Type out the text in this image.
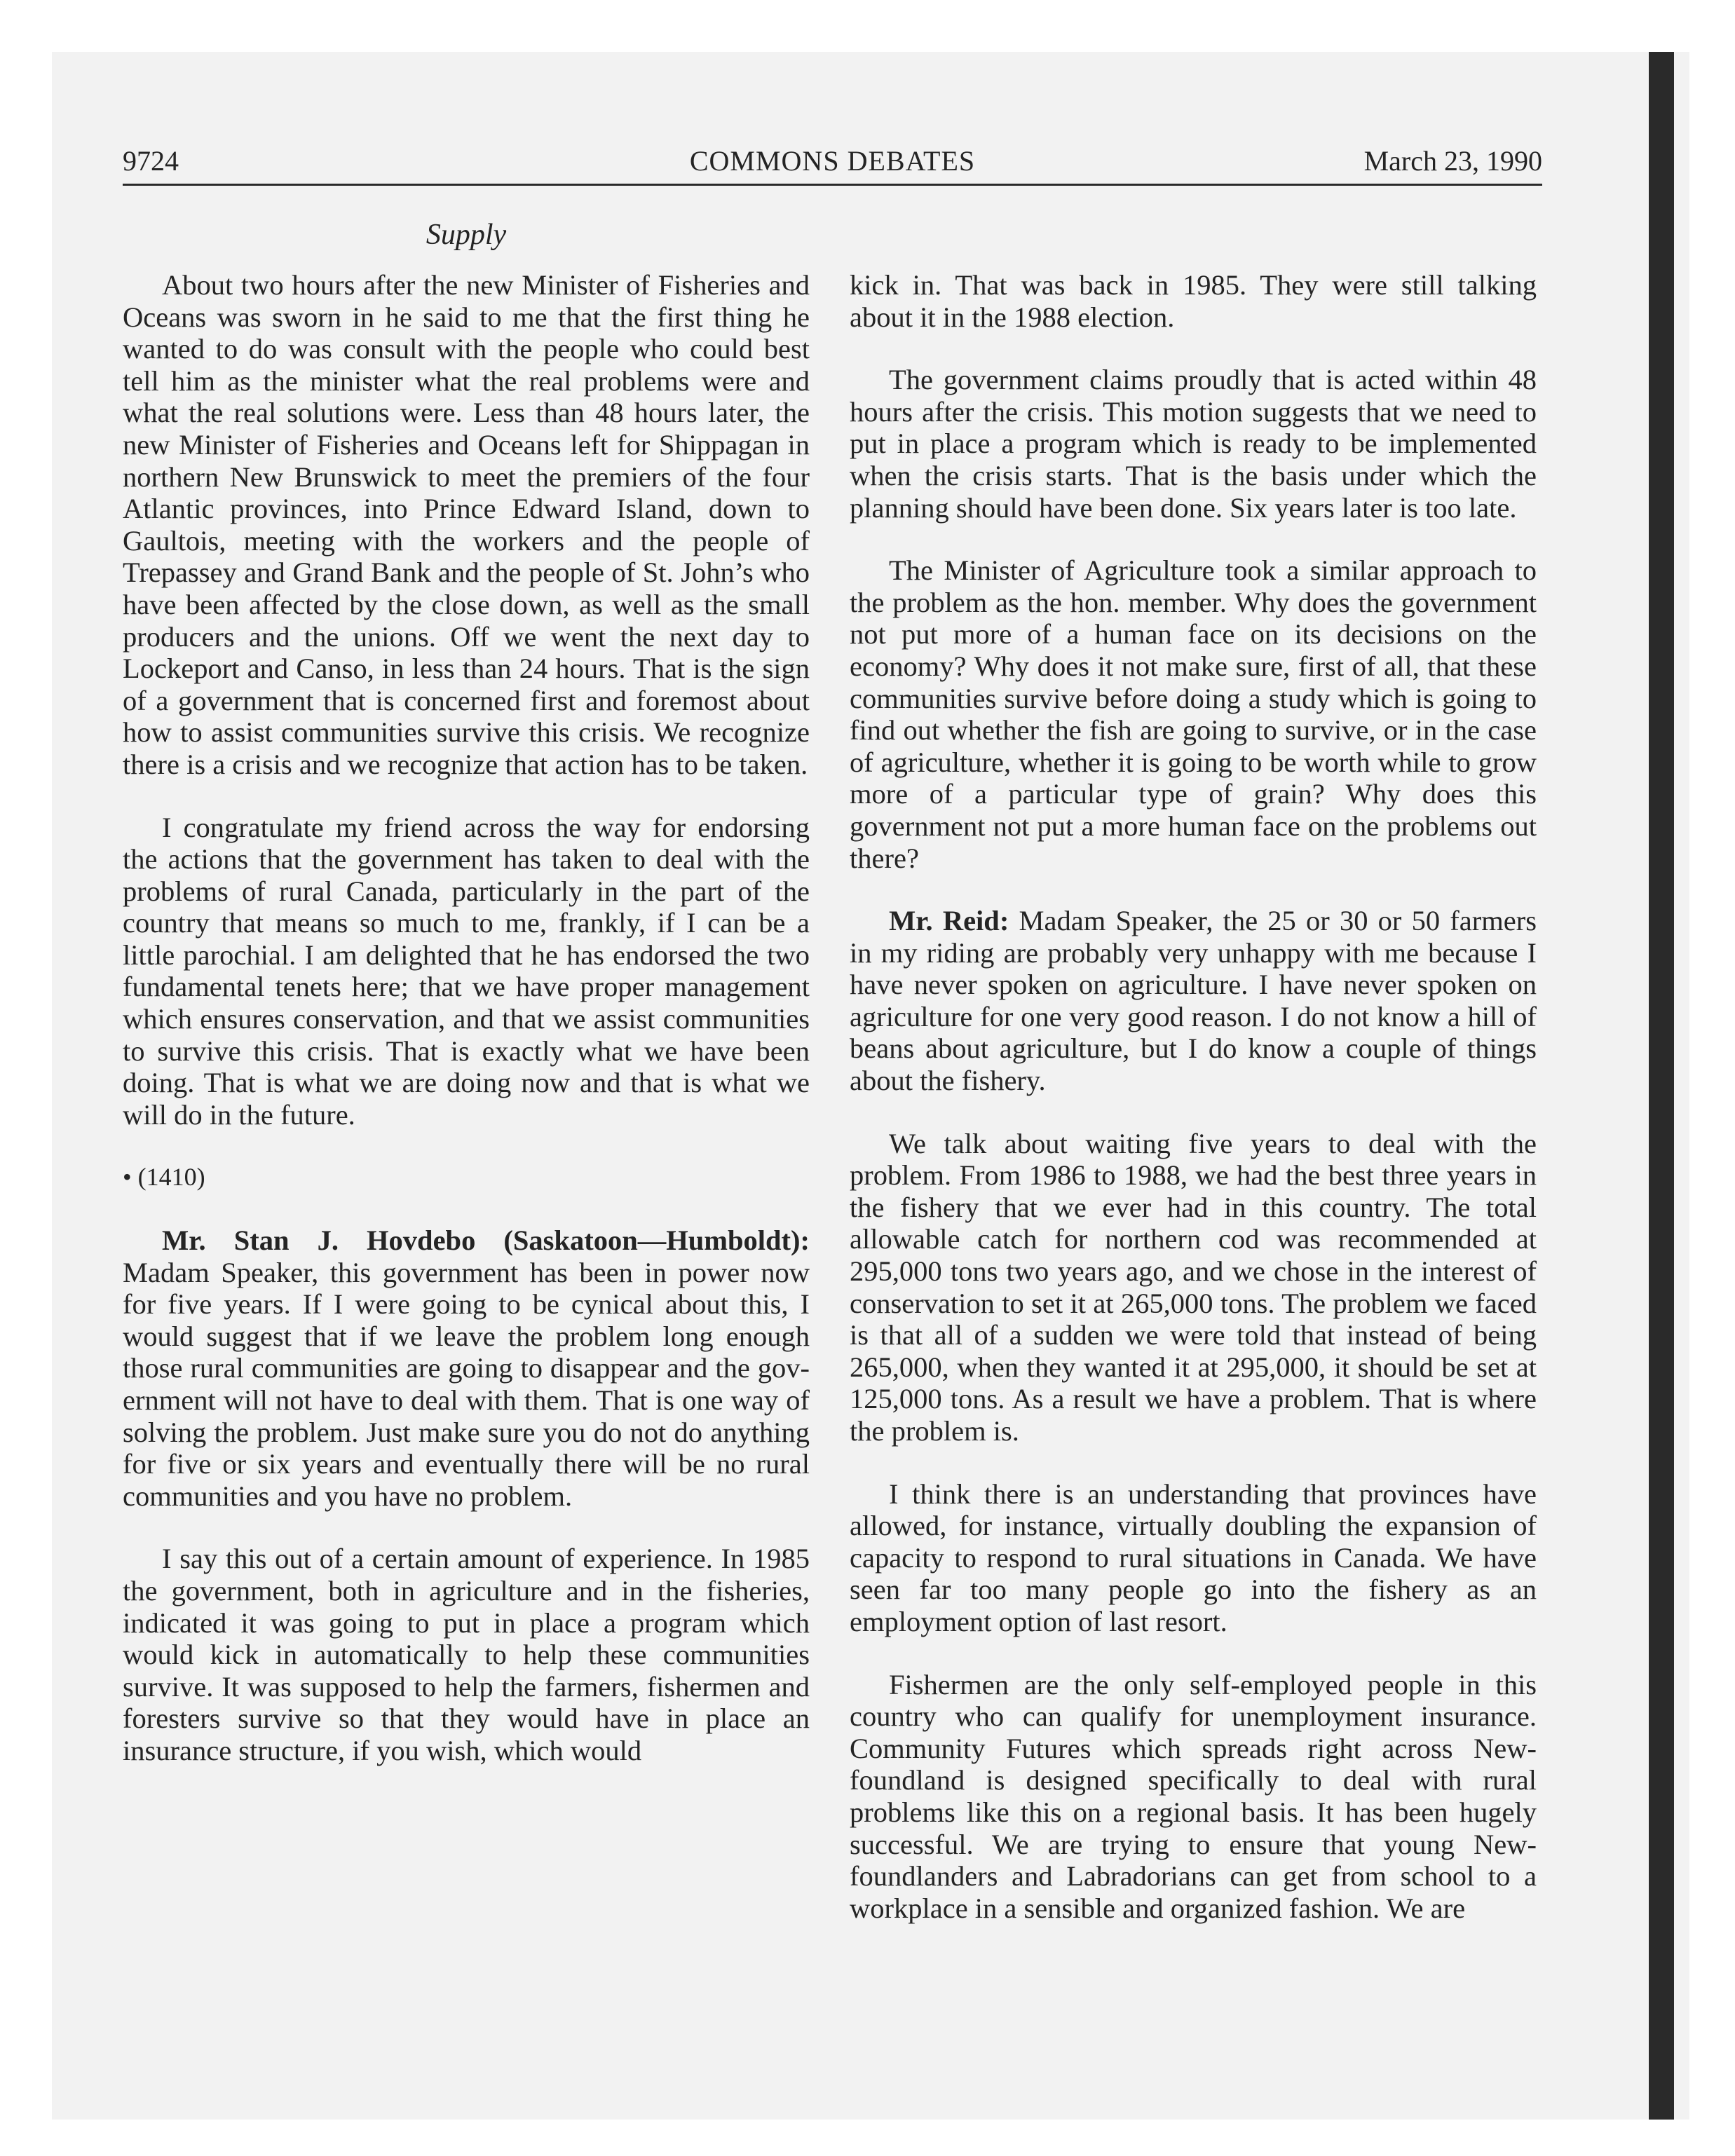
9724	COMMONS DEBATES	March 23, 1990
Supply

About two hours after the new Minister of Fisheries and Oceans was sworn in he said to me that the first thing he wanted to do was consult with the people who could best tell him as the minister what the real problems were and what the real solutions were. Less than 48 hours later, the new Minister of Fisheries and Oceans left for Shippagan in northern New Brunswick to meet the premiers of the four Atlantic provinces, into Prince Edward Island, down to Gaultois, meeting with the workers and the people of Trepassey and Grand Bank and the people of St. John’s who have been affected by the close down, as well as the small producers and the unions. Off we went the next day to Lockeport and Canso, in less than 24 hours. That is the sign of a government that is concerned first and foremost about how to assist communities survive this crisis. We recognize there is a crisis and we recognize that action has to be taken.

I congratulate my friend across the way for endorsing the actions that the government has taken to deal with the problems of rural Canada, particularly in the part of the country that means so much to me, frankly, if I can be a little parochial. I am delighted that he has endorsed the two fundamental tenets here; that we have proper management which ensures conservation, and that we assist communities to survive this crisis. That is exactly what we have been doing. That is what we are doing now and that is what we will do in the future.

• (1410)

Mr. Stan J. Hovdebo (Saskatoon—Humboldt): Madam Speaker, this government has been in power now for five years. If I were going to be cynical about this, I would suggest that if we leave the problem long enough those rural communities are going to disappear and the government will not have to deal with them. That is one way of solving the problem. Just make sure you do not do anything for five or six years and eventually there will be no rural communities and you have no problem.

I say this out of a certain amount of experience. In 1985 the government, both in agriculture and in the fisheries, indicated it was going to put in place a program which would kick in automatically to help these communities survive. It was supposed to help the farmers, fishermen and foresters survive so that they would have in place an insurance structure, if you wish, which would

kick in. That was back in 1985. They were still talking about it in the 1988 election.

The government claims proudly that is acted within 48 hours after the crisis. This motion suggests that we need to put in place a program which is ready to be implemented when the crisis starts. That is the basis under which the planning should have been done. Six years later is too late.

The Minister of Agriculture took a similar approach to the problem as the hon. member. Why does the government not put more of a human face on its decisions on the economy? Why does it not make sure, first of all, that these communities survive before doing a study which is going to find out whether the fish are going to survive, or in the case of agriculture, whether it is going to be worth while to grow more of a particular type of grain? Why does this government not put a more human face on the problems out there?

Mr. Reid: Madam Speaker, the 25 or 30 or 50 farmers in my riding are probably very unhappy with me because I have never spoken on agriculture. I have never spoken on agriculture for one very good reason. I do not know a hill of beans about agriculture, but I do know a couple of things about the fishery.

We talk about waiting five years to deal with the problem. From 1986 to 1988, we had the best three years in the fishery that we ever had in this country. The total allowable catch for northern cod was recommended at 295,000 tons two years ago, and we chose in the interest of conservation to set it at 265,000 tons. The problem we faced is that all of a sudden we were told that instead of being 265,000, when they wanted it at 295,000, it should be set at 125,000 tons. As a result we have a problem. That is where the problem is.

I think there is an understanding that provinces have allowed, for instance, virtually doubling the expansion of capacity to respond to rural situations in Canada. We have seen far too many people go into the fishery as an employment option of last resort.

Fishermen are the only self-employed people in this country who can qualify for unemployment insurance. Community Futures which spreads right across Newfoundland is designed specifically to deal with rural problems like this on a regional basis. It has been hugely successful. We are trying to ensure that young Newfoundlanders and Labradorians can get from school to a workplace in a sensible and organized fashion. We are
